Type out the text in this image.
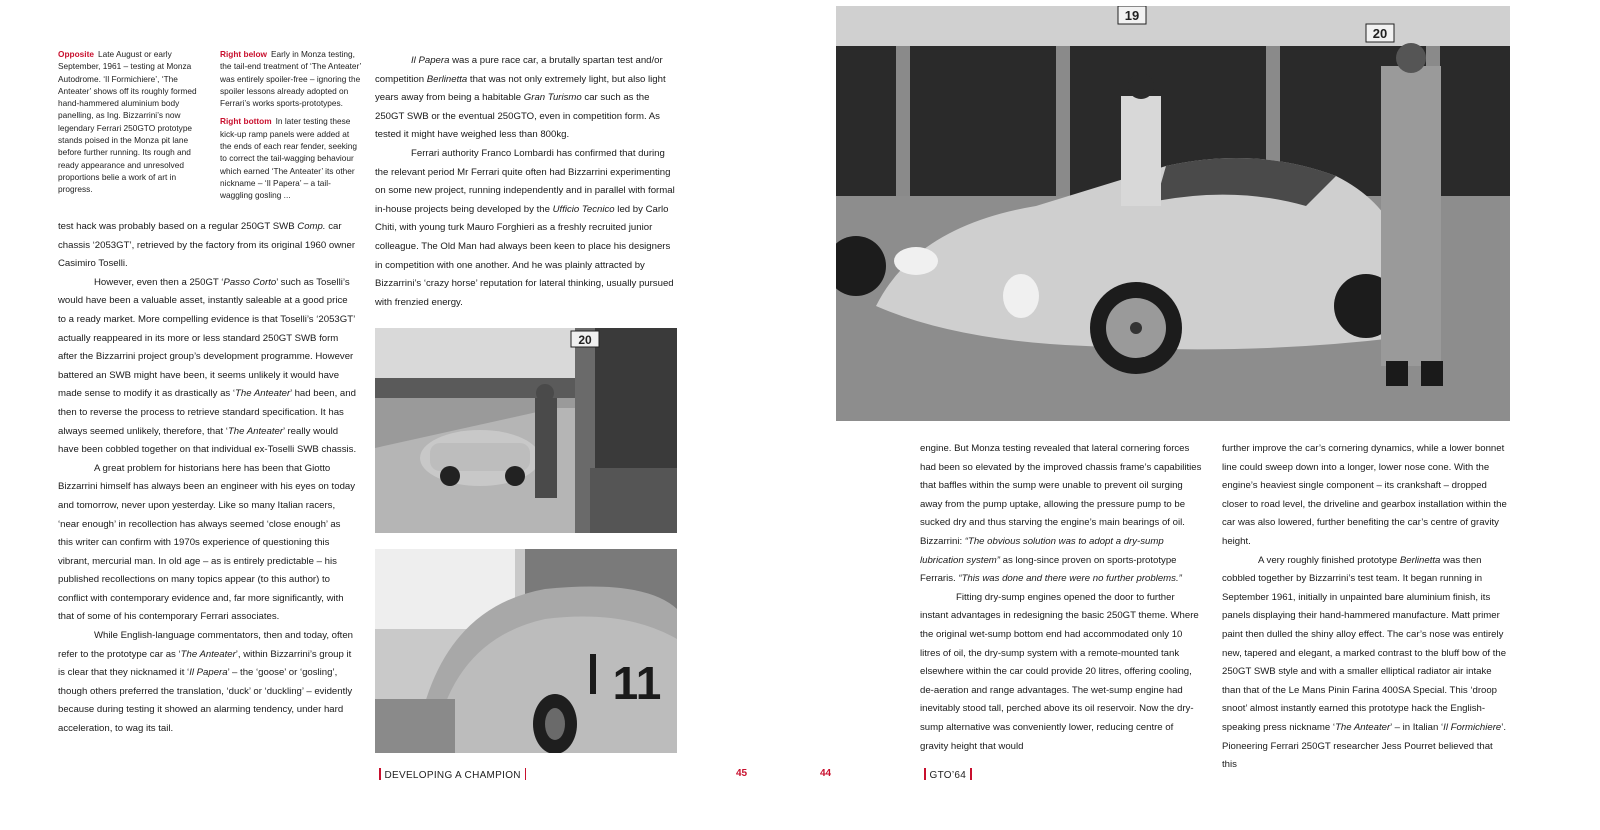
Opposite Late August or early September, 1961 – testing at Monza Autodrome. ‘Il Formichiere’, ‘The Anteater’ shows off its roughly formed hand-hammered aluminium body panelling, as Ing. Bizzarrini’s now legendary Ferrari 250GTO prototype stands poised in the Monza pit lane before further running. Its rough and ready appearance and unresolved proportions belie a work of art in progress.
Right below Early in Monza testing, the tail-end treatment of ‘The Anteater’ was entirely spoiler-free – ignoring the spoiler lessons already adopted on Ferrari’s works sports-prototypes.
Right bottom In later testing these kick-up ramp panels were added at the ends of each rear fender, seeking to correct the tail-wagging behaviour which earned ‘The Anteater’ its other nickname – ‘Il Papera’ – a tail-waggling gosling ...

test hack was probably based on a regular 250GT SWB Comp. car chassis ‘2053GT’, retrieved by the factory from its original 1960 owner Casimiro Toselli.

However, even then a 250GT ‘Passo Corto’ such as Toselli’s would have been a valuable asset, instantly saleable at a good price to a ready market. More compelling evidence is that Toselli’s ‘2053GT’ actually reappeared in its more or less standard 250GT SWB form after the Bizzarrini project group’s development programme. However battered an SWB might have been, it seems unlikely it would have made sense to modify it as drastically as ‘The Anteater’ had been, and then to reverse the process to retrieve standard specification. It has always seemed unlikely, therefore, that ‘The Anteater’ really would have been cobbled together on that individual ex-Toselli SWB chassis.

A great problem for historians here has been that Giotto Bizzarrini himself has always been an engineer with his eyes on today and tomorrow, never upon yesterday. Like so many Italian racers, ‘near enough’ in recollection has always seemed ‘close enough’ as this writer can confirm with 1970s experience of questioning this vibrant, mercurial man. In old age – as is entirely predictable – his published recollections on many topics appear (to this author) to conflict with contemporary evidence and, far more significantly, with that of some of his contemporary Ferrari associates.

While English-language commentators, then and today, often refer to the prototype car as ‘The Anteater’, within Bizzarrini’s group it is clear that they nicknamed it ‘Il Papera’ – the ‘goose’ or ‘gosling’, though others preferred the translation, ‘duck’ or ‘duckling’ – evidently because during testing it showed an alarming tendency, under hard acceleration, to wag its tail.

Il Papera was a pure race car, a brutally spartan test and/or competition Berlinetta that was not only extremely light, but also light years away from being a habitable Gran Turismo car such as the 250GT SWB or the eventual 250GTO, even in competition form. As tested it might have weighed less than 800kg.

Ferrari authority Franco Lombardi has confirmed that during the relevant period Mr Ferrari quite often had Bizzarrini experimenting on some new project, running independently and in parallel with formal in-house projects being developed by the Ufficio Tecnico led by Carlo Chiti, with young turk Mauro Forghieri as a freshly recruited junior colleague. The Old Man had always been keen to place his designers in competition with one another. And he was plainly attracted by Bizzarrini’s ‘crazy horse’ reputation for lateral thinking, usually pursued with frenzied energy.

20
11
DEVELOPING A CHAMPION	45
19
20

engine. But Monza testing revealed that lateral cornering forces had been so elevated by the improved chassis frame’s capabilities that baffles within the sump were unable to prevent oil surging away from the pump uptake, allowing the pressure pump to be sucked dry and thus starving the engine’s main bearings of oil. Bizzarrini: “The obvious solution was to adopt a dry-sump lubrication system” as long-since proven on sports-prototype Ferraris. “This was done and there were no further problems.”

Fitting dry-sump engines opened the door to further instant advantages in redesigning the basic 250GT theme. Where the original wet-sump bottom end had accommodated only 10 litres of oil, the dry-sump system with a remote-mounted tank elsewhere within the car could provide 20 litres, offering cooling, de-aeration and range advantages. The wet-sump engine had inevitably stood tall, perched above its oil reservoir. Now the dry-sump alternative was conveniently lower, reducing centre of gravity height that would

further improve the car’s cornering dynamics, while a lower bonnet line could sweep down into a longer, lower nose cone. With the engine’s heaviest single component – its crankshaft – dropped closer to road level, the driveline and gearbox installation within the car was also lowered, further benefiting the car’s centre of gravity height.

A very roughly finished prototype Berlinetta was then cobbled together by Bizzarrini’s test team. It began running in September 1961, initially in unpainted bare aluminium finish, its panels displaying their hand-hammered manufacture. Matt primer paint then dulled the shiny alloy effect. The car’s nose was entirely new, tapered and elegant, a marked contrast to the bluff bow of the 250GT SWB style and with a smaller elliptical radiator air intake than that of the Le Mans Pinin Farina 400SA Special. This ‘droop snoot’ almost instantly earned this prototype hack the English-speaking press nickname ‘The Anteater’ – in Italian ‘Il Formichiere’. Pioneering Ferrari 250GT researcher Jess Pourret believed that this

44	GTO’64
